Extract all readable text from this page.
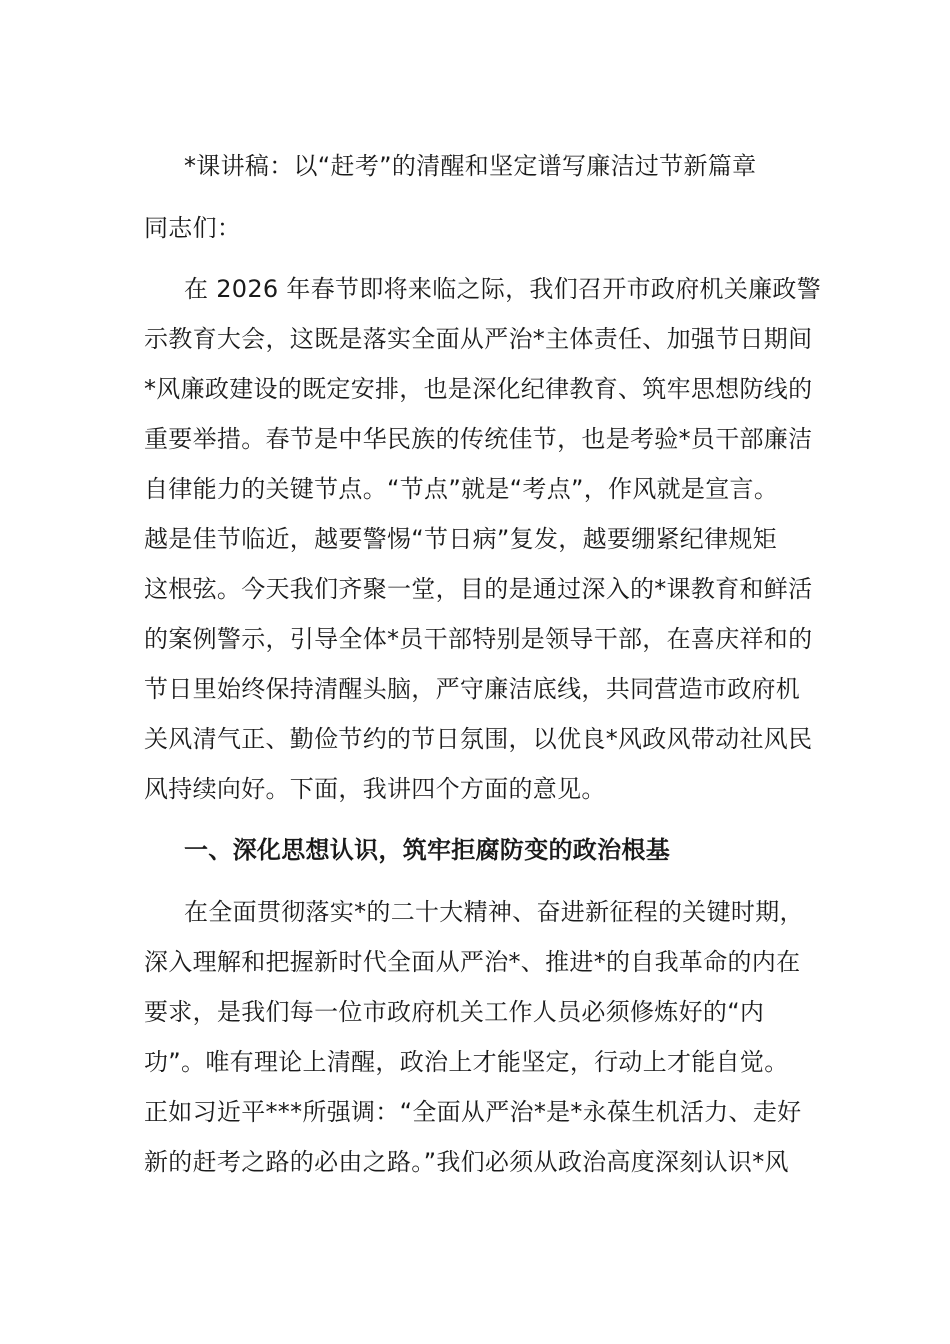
*课讲稿：以“赶考”的清醒和坚定谱写廉洁过节新篇章
同志们：
在 2026 年春节即将来临之际，我们召开市政府机关廉政警
示教育大会，这既是落实全面从严治*主体责任、加强节日期间
*风廉政建设的既定安排，也是深化纪律教育、筑牢思想防线的
重要举措。春节是中华民族的传统佳节，也是考验*员干部廉洁
自律能力的关键节点。“节点”就是“考点”，作风就是宣言。
越是佳节临近，越要警惕“节日病”复发，越要绷紧纪律规矩
这根弦。今天我们齐聚一堂，目的是通过深入的*课教育和鲜活
的案例警示，引导全体*员干部特别是领导干部，在喜庆祥和的
节日里始终保持清醒头脑，严守廉洁底线，共同营造市政府机
关风清气正、勤俭节约的节日氛围，以优良*风政风带动社风民
风持续向好。下面，我讲四个方面的意见。
一、深化思想认识，筑牢拒腐防变的政治根基
在全面贯彻落实*的二十大精神、奋进新征程的关键时期，
深入理解和把握新时代全面从严治*、推进*的自我革命的内在
要求，是我们每一位市政府机关工作人员必须修炼好的“内
功”。唯有理论上清醒，政治上才能坚定，行动上才能自觉。
正如习近平***所强调：“全面从严治*是*永葆生机活力、走好
新的赶考之路的必由之路。”我们必须从政治高度深刻认识*风
